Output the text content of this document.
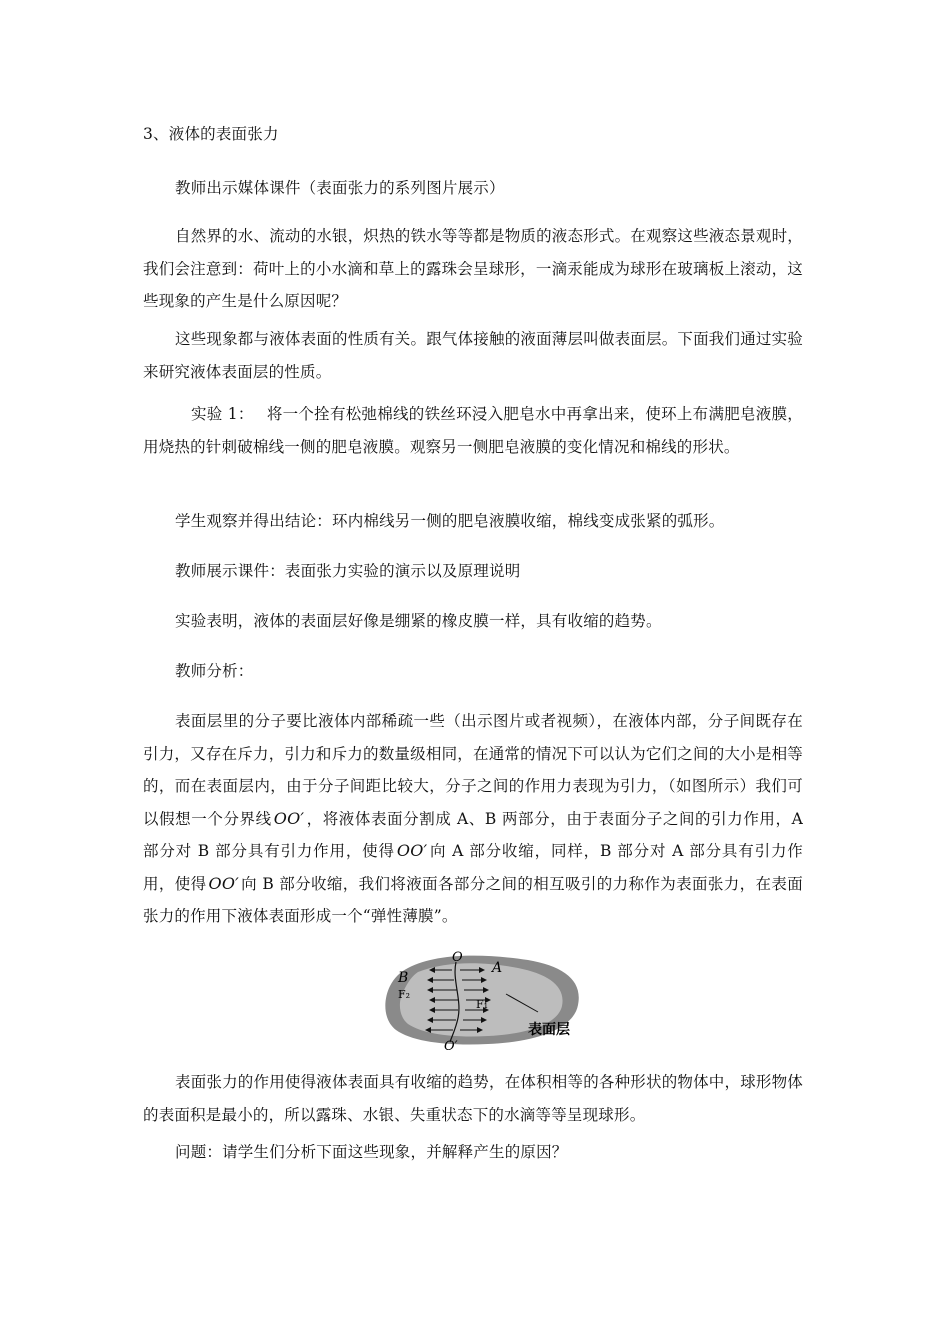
3、液体的表面张力

教师出示媒体课件（表面张力的系列图片展示）

自然界的水、流动的水银，炽热的铁水等等都是物质的液态形式。在观察这些液态景观时，我们会注意到：荷叶上的小水滴和草上的露珠会呈球形，一滴汞能成为球形在玻璃板上滚动，这些现象的产生是什么原因呢？

这些现象都与液体表面的性质有关。跟气体接触的液面薄层叫做表面层。下面我们通过实验来研究液体表面层的性质。

实验 1：　 将一个拴有松弛棉线的铁丝环浸入肥皂水中再拿出来，使环上布满肥皂液膜，用烧热的针刺破棉线一侧的肥皂液膜。观察另一侧肥皂液膜的变化情况和棉线的形状。

学生观察并得出结论：环内棉线另一侧的肥皂液膜收缩，棉线变成张紧的弧形。

教师展示课件：表面张力实验的演示以及原理说明

实验表明，液体的表面层好像是绷紧的橡皮膜一样，具有收缩的趋势。

教师分析：

表面层里的分子要比液体内部稀疏一些（出示图片或者视频），在液体内部，分子间既存在引力，又存在斥力，引力和斥力的数量级相同，在通常的情况下可以认为它们之间的大小是相等的，而在表面层内，由于分子间距比较大，分子之间的作用力表现为引力，（如图所示）我们可以假想一个分界线 OO′ ，将液体表面分割成 A、B 两部分，由于表面分子之间的引力作用，A 部分对 B 部分具有引力作用，使得 OO′ 向 A 部分收缩，同样，B 部分对 A 部分具有引力作用，使得 OO′ 向 B 部分收缩，我们将液面各部分之间的相互吸引的力称作为表面张力，在表面张力的作用下液体表面形成一个“弹性薄膜”。

O
O′
A
B
F₂
F₁
表面层

表面张力的作用使得液体表面具有收缩的趋势，在体积相等的各种形状的物体中，球形物体的表面积是最小的，所以露珠、水银、失重状态下的水滴等等呈现球形。

问题：请学生们分析下面这些现象，并解释产生的原因？
